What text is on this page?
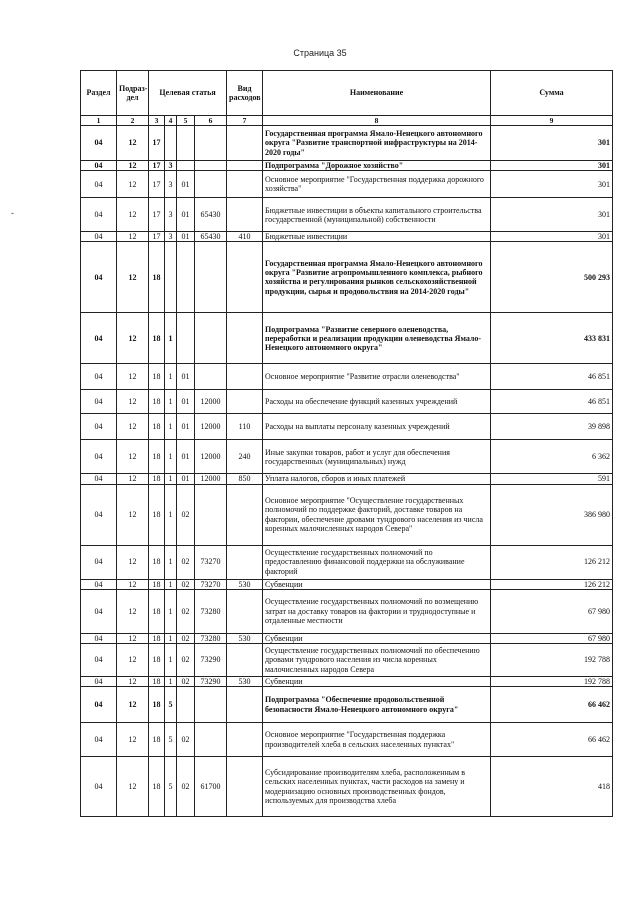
Страница 35
-
Раздел	Подраз-дел	Целевая статья				Вид расходов	Наименование	Сумма
1	2	3	4	5	6	7	8	9
04	12	17					Государственная программа Ямало-Ненецкого автономного округа "Развитие транспортной инфраструктуры на 2014-2020 годы"	301
04	12	17	3				Подпрограмма "Дорожное хозяйство"	301
04	12	17	3	01			Основное мероприятие "Государственная поддержка дорожного хозяйства"	301
04	12	17	3	01	65430		Бюджетные инвестиции в объекты капитального строительства государственной (муниципальной) собственности	301
04	12	17	3	01	65430	410	Бюджетные инвестиции	301
04	12	18					Государственная программа Ямало-Ненецкого автономного округа "Развитие агропромышленного комплекса, рыбного хозяйства и регулирования рынков сельскохозяйственной продукции, сырья и продовольствия на 2014-2020 годы"	500 293
04	12	18	1				Подпрограмма "Развитие северного оленеводства, переработки и реализации продукции оленеводства Ямало-Ненецкого автономного округа"	433 831
04	12	18	1	01			Основное мероприятие "Развитие отрасли оленеводства"	46 851
04	12	18	1	01	12000		Расходы на обеспечение функций казенных учреждений	46 851
04	12	18	1	01	12000	110	Расходы на выплаты персоналу казенных учреждений	39 898
04	12	18	1	01	12000	240	Иные закупки товаров, работ и услуг для обеспечения государственных (муниципальных) нужд	6 362
04	12	18	1	01	12000	850	Уплата налогов, сборов и иных платежей	591
04	12	18	1	02			Основное мероприятие "Осуществление государственных полномочий по поддержке факторий, доставке товаров на фактории, обеспечение дровами тундрового населения из числа коренных малочисленных народов Севера"	386 980
04	12	18	1	02	73270		Осуществление государственных полномочий по предоставлению финансовой поддержки на обслуживание факторий	126 212
04	12	18	1	02	73270	530	Субвенции	126 212
04	12	18	1	02	73280		Осуществление государственных полномочий по возмещению затрат на доставку товаров на фактории и труднодоступные и отдаленные местности	67 980
04	12	18	1	02	73280	530	Субвенции	67 980
04	12	18	1	02	73290		Осуществление государственных полномочий по обеспечению дровами тундрового населения из числа коренных малочисленных народов Севера	192 788
04	12	18	1	02	73290	530	Субвенции	192 788
04	12	18	5				Подпрограмма "Обеспечение продовольственной безопасности Ямало-Ненецкого автономного округа"	66 462
04	12	18	5	02			Основное мероприятие "Государственная поддержка производителей хлеба в сельских населенных пунктах"	66 462
04	12	18	5	02	61700		Субсидирование производителям хлеба, расположенным в сельских населенных пунктах, части расходов на замену и модернизацию основных производственных фондов, используемых для производства хлеба	418
